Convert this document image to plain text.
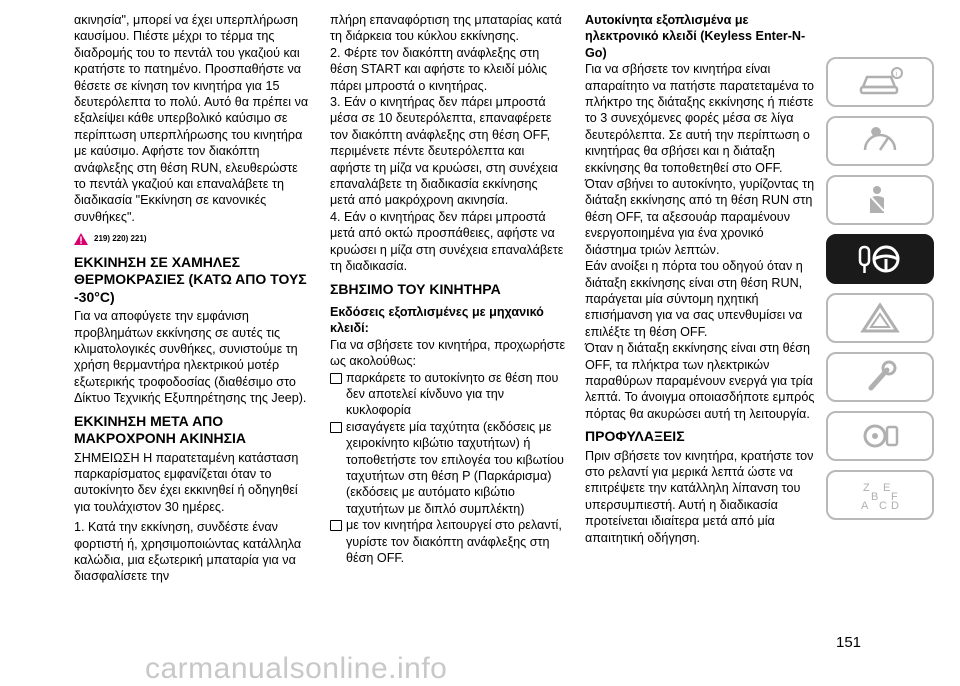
ακινησία", μπορεί να έχει υπερπλήρωση καυσίμου. Πιέστε μέχρι το τέρμα της διαδρομής του το πεντάλ του γκαζιού και κρατήστε το πατημένο. Προσπαθήστε να θέσετε σε κίνηση τον κινητήρα για 15 δευτερόλεπτα το πολύ. Αυτό θα πρέπει να εξαλείψει κάθε υπερβολικό καύσιμο σε περίπτωση υπερπλήρωσης του κινητήρα με καύσιμο. Αφήστε τον διακόπτη ανάφλεξης στη θέση RUN, ελευθερώστε το πεντάλ γκαζιού και επαναλάβετε τη διαδικασία "Εκκίνηση σε κανονικές συνθήκες".

219) 220) 221)
ΕΚΚΙΝΗΣΗ ΣΕ ΧΑΜΗΛΕΣ ΘΕΡΜΟΚΡΑΣΙΕΣ (ΚΑΤΩ ΑΠΟ ΤΟΥΣ -30°C)

Για να αποφύγετε την εμφάνιση προβλημάτων εκκίνησης σε αυτές τις κλιματολογικές συνθήκες, συνιστούμε τη χρήση θερμαντήρα ηλεκτρικού μοτέρ εξωτερικής τροφοδοσίας (διαθέσιμο στο Δίκτυο Τεχνικής Εξυπηρέτησης της Jeep).

ΕΚΚΙΝΗΣΗ ΜΕΤΑ ΑΠΟ ΜΑΚΡΟΧΡΟΝΗ ΑΚΙΝΗΣΙΑ

ΣΗΜΕΙΩΣΗ Η παρατεταμένη κατάσταση παρκαρίσματος εμφανίζεται όταν το αυτοκίνητο δεν έχει εκκινηθεί ή οδηγηθεί για τουλάχιστον 30 ημέρες.

1. Κατά την εκκίνηση, συνδέστε έναν φορτιστή ή, χρησιμοποιώντας κατάλληλα καλώδια, μια εξωτερική μπαταρία για να διασφαλίσετε την

πλήρη επαναφόρτιση της μπαταρίας κατά τη διάρκεια του κύκλου εκκίνησης.

2. Φέρτε τον διακόπτη ανάφλεξης στη θέση START και αφήστε το κλειδί μόλις πάρει μπροστά ο κινητήρας.

3. Εάν ο κινητήρας δεν πάρει μπροστά μέσα σε 10 δευτερόλεπτα, επαναφέρετε τον διακόπτη ανάφλεξης στη θέση OFF, περιμένετε πέντε δευτερόλεπτα και αφήστε τη μίζα να κρυώσει, στη συνέχεια επαναλάβετε τη διαδικασία εκκίνησης μετά από μακρόχρονη ακινησία.

4. Εάν ο κινητήρας δεν πάρει μπροστά μετά από οκτώ προσπάθειες, αφήστε να κρυώσει η μίζα στη συνέχεια επαναλάβετε τη διαδικασία.

ΣΒΗΣΙΜΟ ΤΟΥ ΚΙΝΗΤΗΡΑ
Εκδόσεις εξοπλισμένες με μηχανικό κλειδί:

Για να σβήσετε τον κινητήρα, προχωρήστε ως ακολούθως:

παρκάρετε το αυτοκίνητο σε θέση που δεν αποτελεί κίνδυνο για την κυκλοφορία
εισαγάγετε μία ταχύτητα (εκδόσεις με χειροκίνητο κιβώτιο ταχυτήτων) ή τοποθετήστε τον επιλογέα του κιβωτίου ταχυτήτων στη θέση P (Παρκάρισμα) (εκδόσεις με αυτόματο κιβώτιο ταχυτήτων με διπλό συμπλέκτη)
με τον κινητήρα λειτουργεί στο ρελαντί, γυρίστε τον διακόπτη ανάφλεξης στη θέση OFF.
Αυτοκίνητα εξοπλισμένα με ηλεκτρονικό κλειδί (Keyless Enter-N-Go)

Για να σβήσετε τον κινητήρα είναι απαραίτητο να πατήστε παρατεταμένα το πλήκτρο της διάταξης εκκίνησης ή πιέστε το 3 συνεχόμενες φορές μέσα σε λίγα δευτερόλεπτα. Σε αυτή την περίπτωση ο κινητήρας θα σβήσει και η διάταξη εκκίνησης θα τοποθετηθεί στο OFF.

Όταν σβήνει το αυτοκίνητο, γυρίζοντας τη διάταξη εκκίνησης από τη θέση RUN στη θέση OFF, τα αξεσουάρ παραμένουν ενεργοποιημένα για ένα χρονικό διάστημα τριών λεπτών.

Εάν ανοίξει η πόρτα του οδηγού όταν η διάταξη εκκίνησης είναι στη θέση RUN, παράγεται μία σύντομη ηχητική επισήμανση για να σας υπενθυμίσει να επιλέξτε τη θέση OFF.

Όταν η διάταξη εκκίνησης είναι στη θέση OFF, τα πλήκτρα των ηλεκτρικών παραθύρων παραμένουν ενεργά για τρία λεπτά. Το άνοιγμα οποιασδήποτε εμπρός πόρτας θα ακυρώσει αυτή τη λειτουργία.

ΠΡΟΦΥΛΑΞΕΙΣ

Πριν σβήσετε τον κινητήρα, κρατήστε τον στο ρελαντί για μερικά λεπτά ώστε να επιτρέψετε την κατάλληλη λίπανση του υπερσυμπιεστή. Αυτή η διαδικασία προτείνεται ιδιαίτερα μετά από μία απαιτητική οδήγηση.

i
Z E
B F
A C D
151
carmanualsonline.info
